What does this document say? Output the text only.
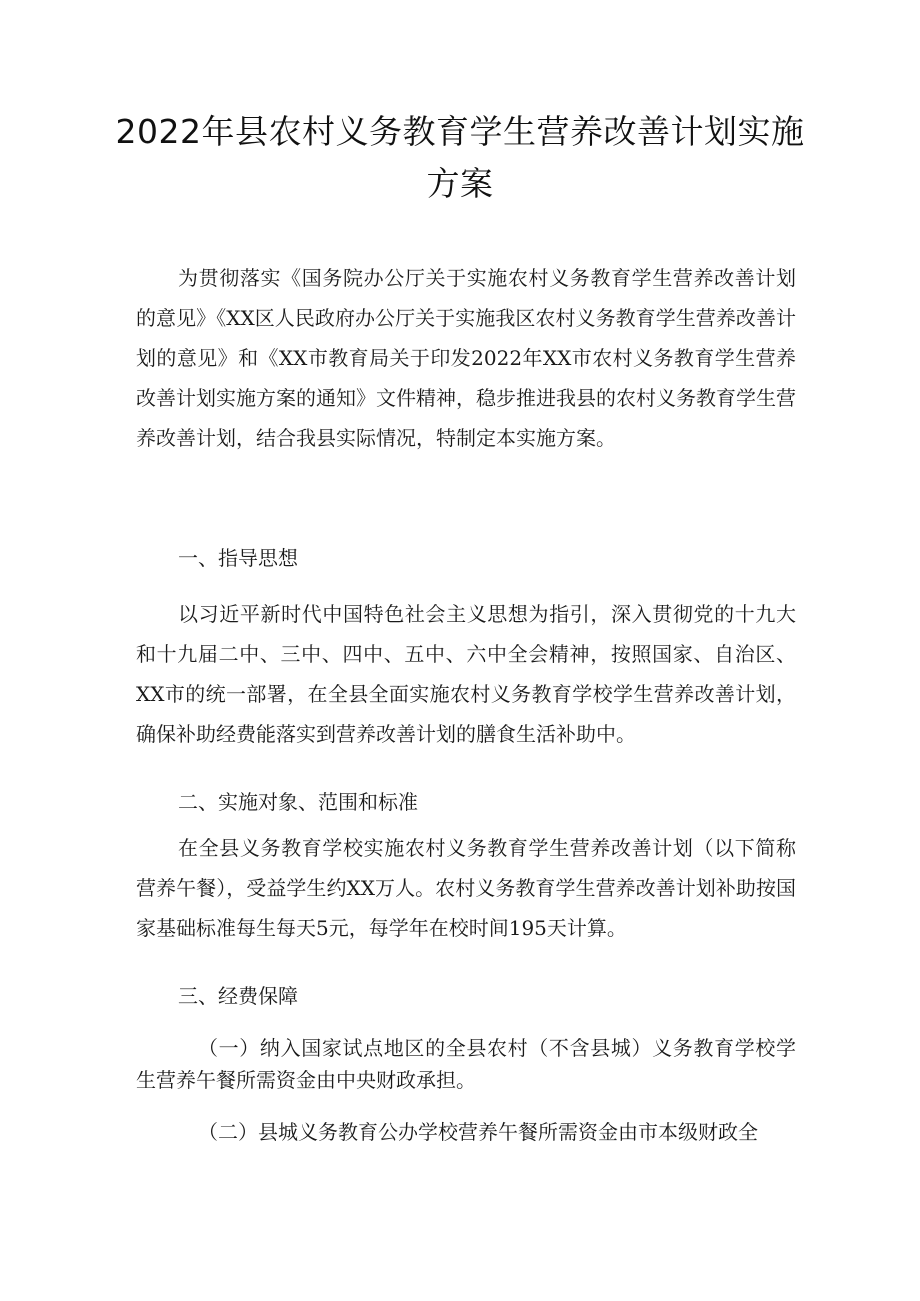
2022年县农村义务教育学生营养改善计划实施方案

为贯彻落实《国务院办公厅关于实施农村义务教育学生营养改善计划的意见》《XX区人民政府办公厅关于实施我区农村义务教育学生营养改善计划的意见》和《XX市教育局关于印发2022年XX市农村义务教育学生营养改善计划实施方案的通知》文件精神，稳步推进我县的农村义务教育学生营养改善计划，结合我县实际情况，特制定本实施方案。

一、指导思想

以习近平新时代中国特色社会主义思想为指引，深入贯彻党的十九大和十九届二中、三中、四中、五中、六中全会精神，按照国家、自治区、XX市的统一部署，在全县全面实施农村义务教育学校学生营养改善计划，确保补助经费能落实到营养改善计划的膳食生活补助中。

二、实施对象、范围和标准

在全县义务教育学校实施农村义务教育学生营养改善计划（以下简称营养午餐），受益学生约XX万人。农村义务教育学生营养改善计划补助按国家基础标准每生每天5元，每学年在校时间195天计算。

三、经费保障

（一）纳入国家试点地区的全县农村（不含县城）义务教育学校学生营养午餐所需资金由中央财政承担。

（二）县城义务教育公办学校营养午餐所需资金由市本级财政全
